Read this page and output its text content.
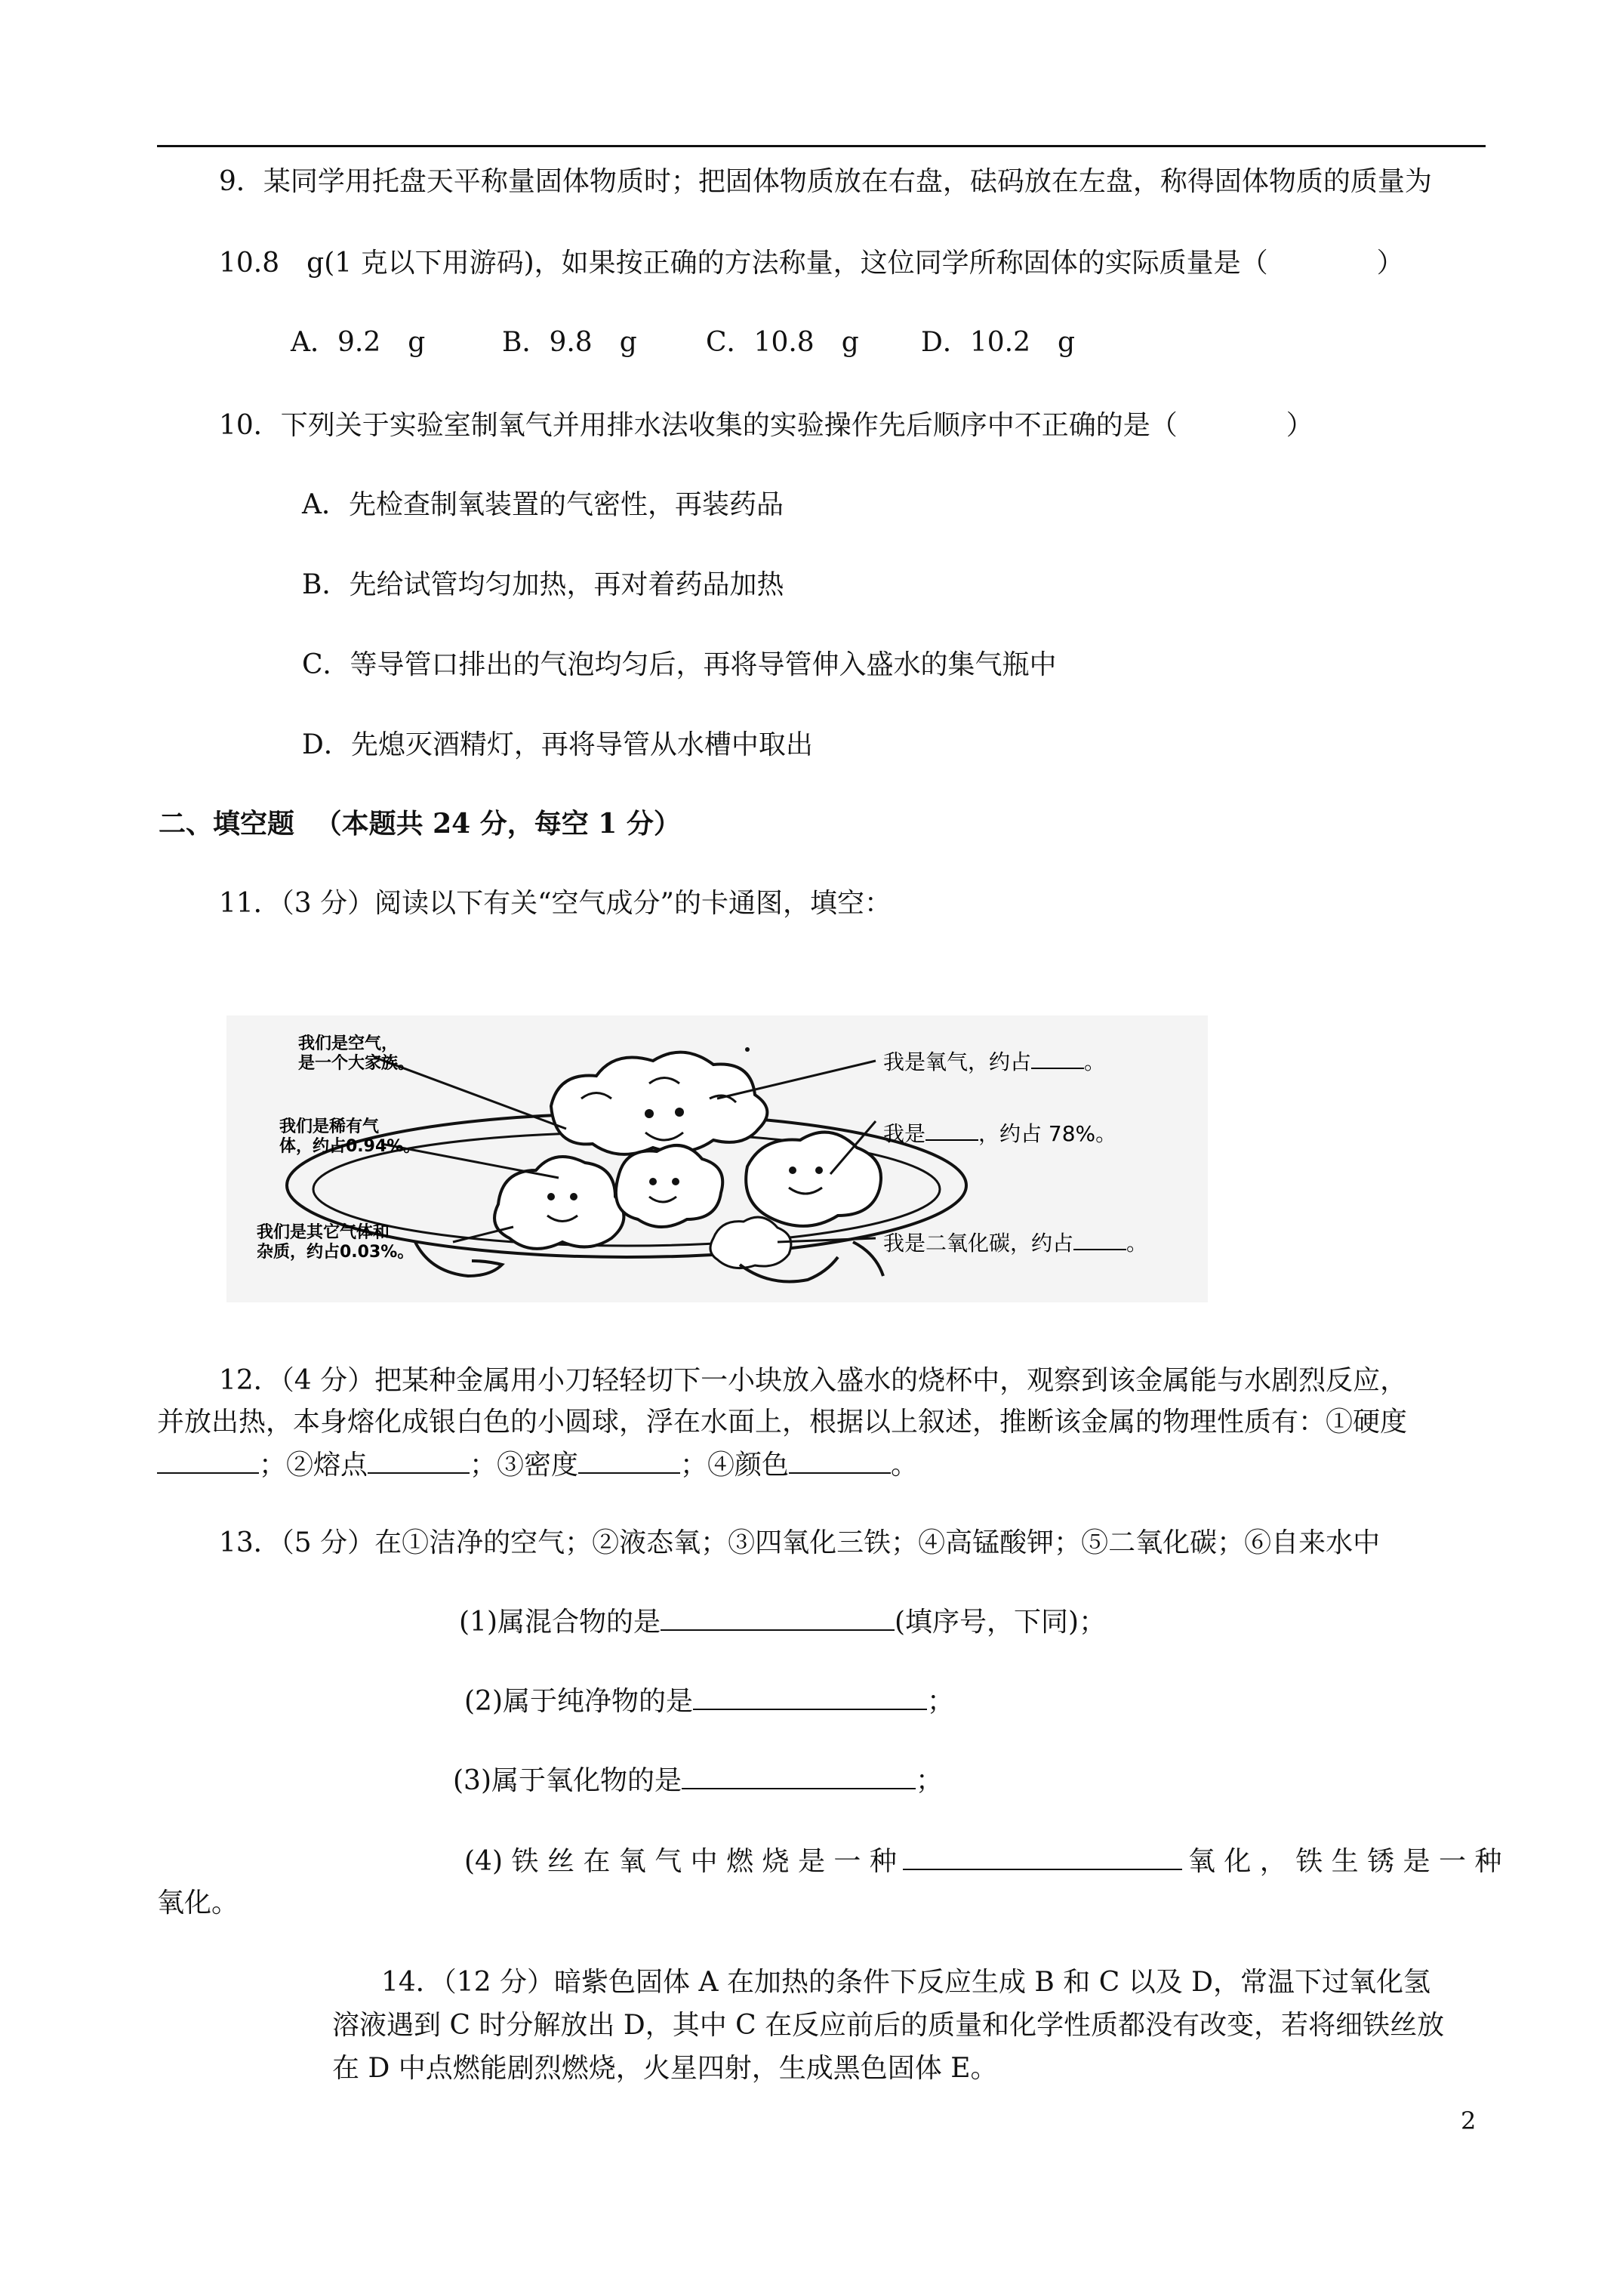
9．某同学用托盘天平称量固体物质时；把固体物质放在右盘，砝码放在左盘，称得固体物质的质量为
10.8　g(1 克以下用游码)，如果按正确的方法称量，这位同学所称固体的实际质量是（　　　　）
A．9.2　g	B．9.8　g	C．10.8　g D．10.2　g
10．下列关于实验室制氧气并用排水法收集的实验操作先后顺序中不正确的是（　　　　）
A．先检查制氧装置的气密性，再装药品
B．先给试管均匀加热，再对着药品加热
C．等导管口排出的气泡均匀后，再将导管伸入盛水的集气瓶中
D．先熄灭酒精灯，再将导管从水槽中取出
二、填空题 （本题共 24 分，每空 1 分）
11．（3 分）阅读以下有关“空气成分”的卡通图，填空：
我们是空气，
是一个大家族。
我们是稀有气
体，约占0.94%。
我们是其它气体和
杂质，约占0.03%。
我是氧气，约占	。
我是	，约占 78%。
我是二氧化碳，约占	。
12．（4 分）把某种金属用小刀轻轻切下一小块放入盛水的烧杯中，观察到该金属能与水剧烈反应，
并放出热，本身熔化成银白色的小圆球，浮在水面上，根据以上叙述，推断该金属的物理性质有：①硬度
；②熔点	；③密度	；④颜色	。
13．（5 分）在①洁净的空气；②液态氧；③四氧化三铁；④高锰酸钾；⑤二氧化碳；⑥自来水中
(1)属混合物的是	(填序号，下同)；
(2)属于纯净物的是	；
(3)属于氧化物的是	；
(4) 铁 丝 在 氧 气 中 燃 烧 是 一 种	氧 化 ， 铁 生 锈 是 一 种
氧化。
14．（12 分）暗紫色固体 A 在加热的条件下反应生成 B 和 C 以及 D，常温下过氧化氢
溶液遇到 C 时分解放出 D，其中 C 在反应前后的质量和化学性质都没有改变，若将细铁丝放
在 D 中点燃能剧烈燃烧，火星四射，生成黑色固体 E。
2
